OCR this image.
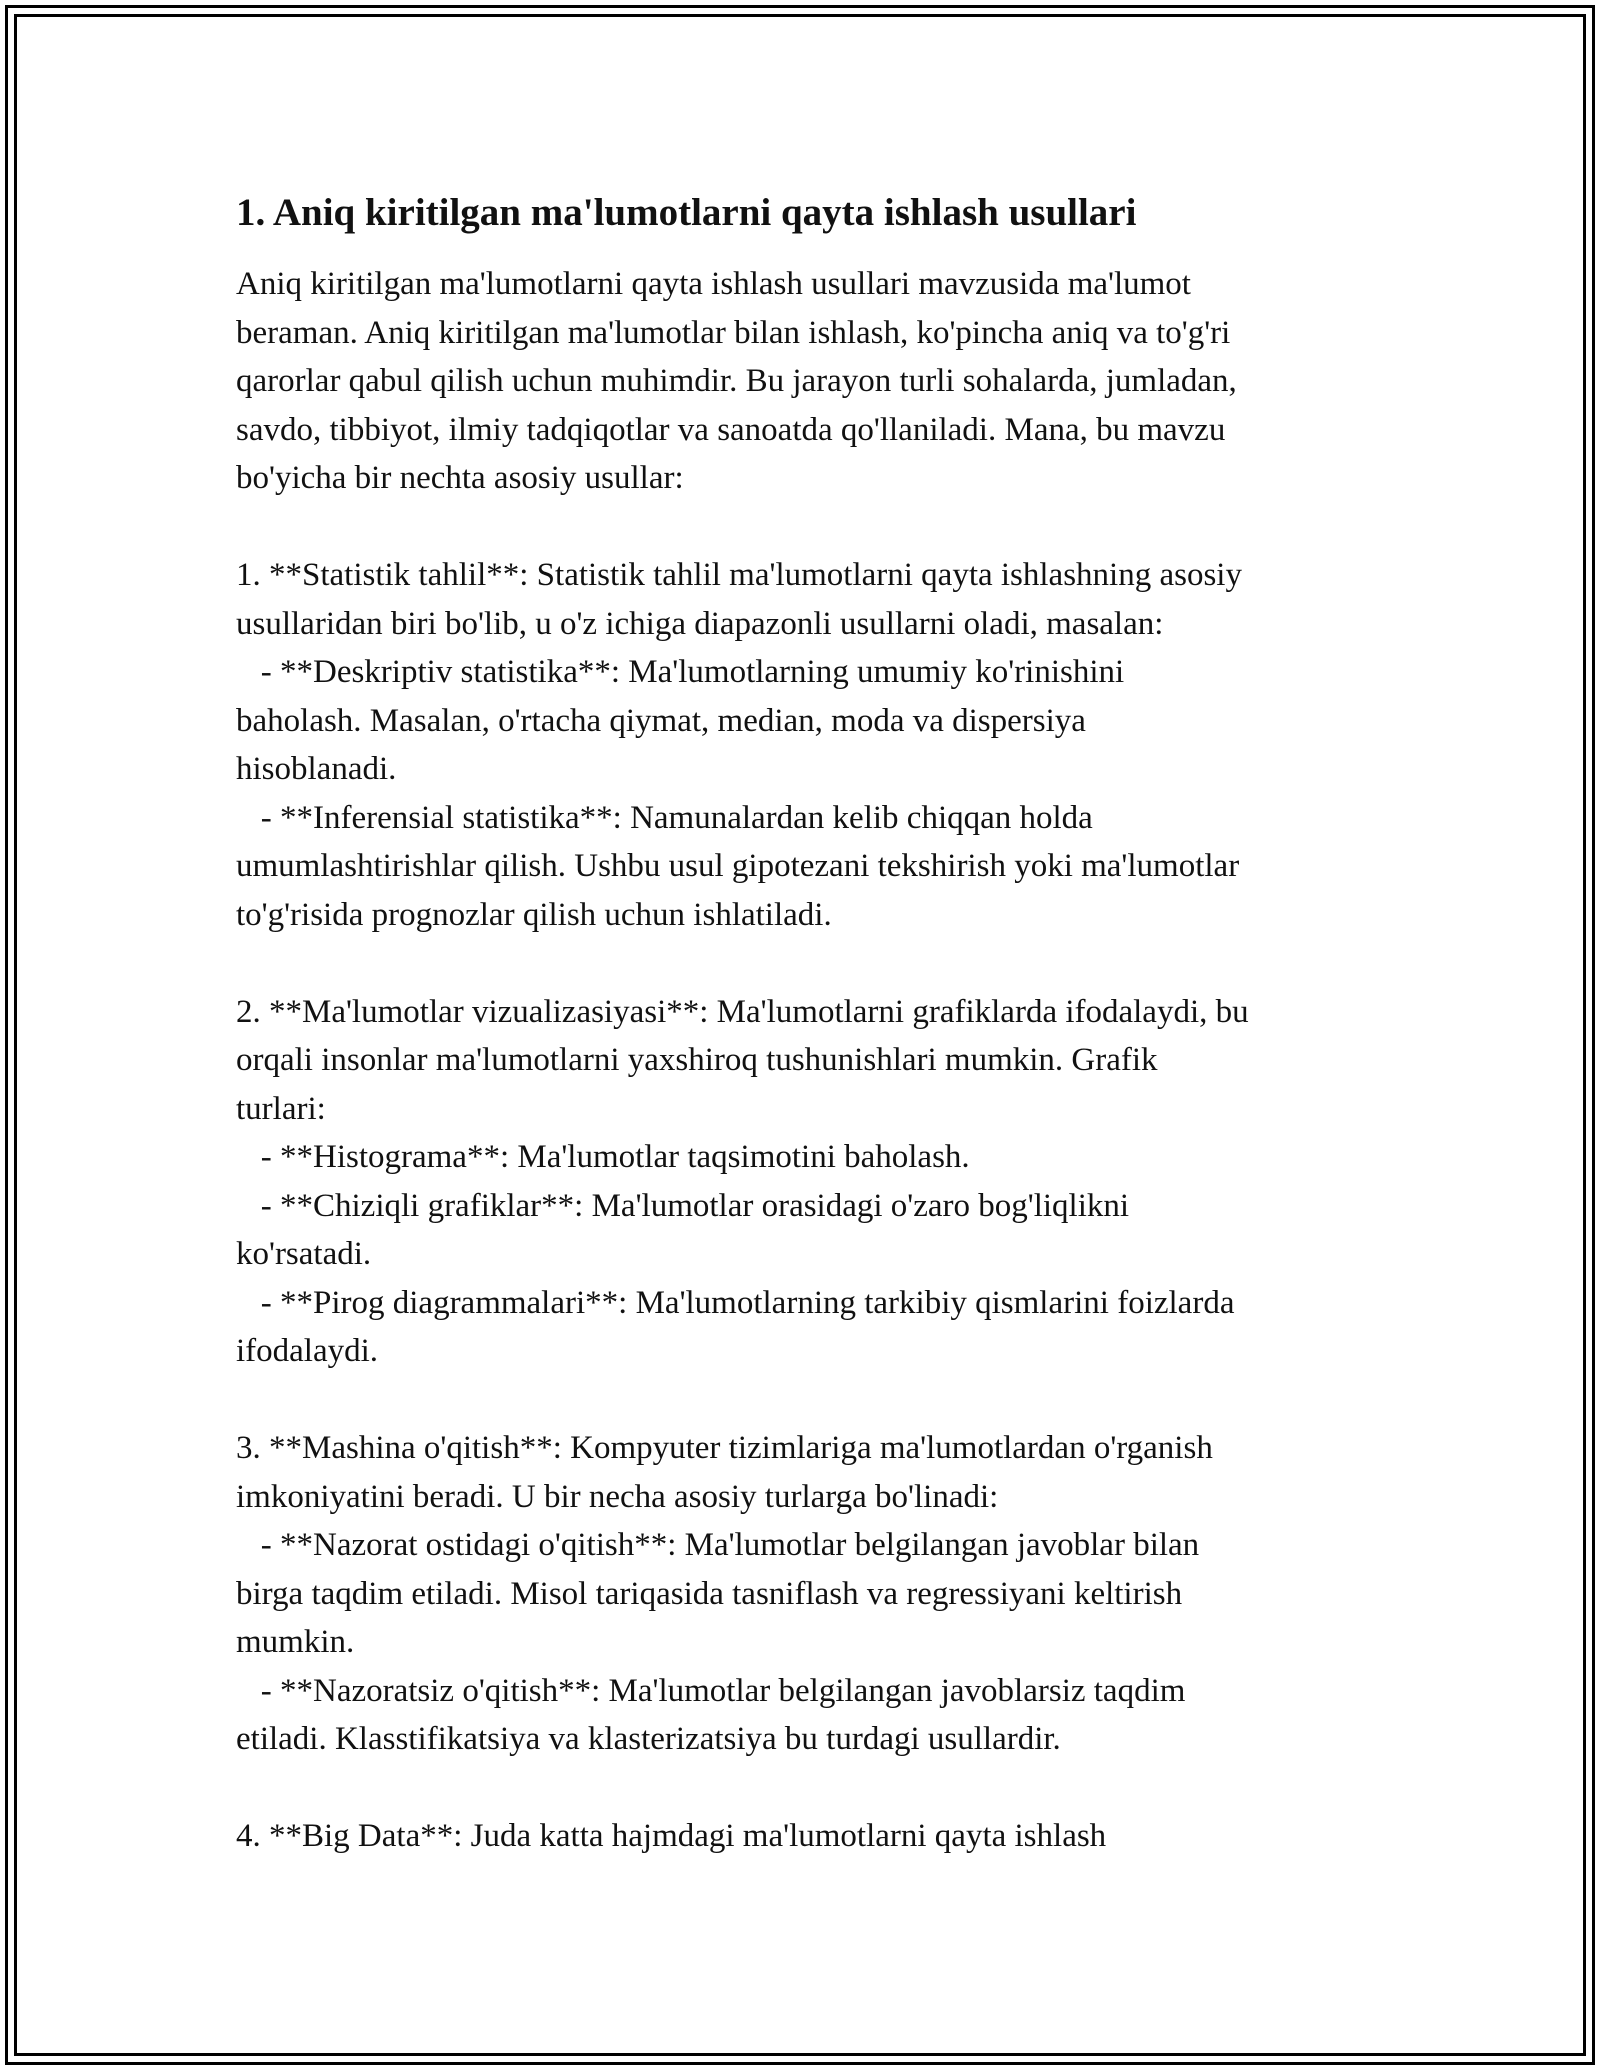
1. Aniq kiritilgan ma'lumotlarni qayta ishlash usullari

Aniq kiritilgan ma'lumotlarni qayta ishlash usullari mavzusida ma'lumot
beraman. Aniq kiritilgan ma'lumotlar bilan ishlash, ko'pincha aniq va to'g'ri
qarorlar qabul qilish uchun muhimdir. Bu jarayon turli sohalarda, jumladan,
savdo, tibbiyot, ilmiy tadqiqotlar va sanoatda qo'llaniladi. Mana, bu mavzu
bo'yicha bir nechta asosiy usullar:

1. **Statistik tahlil**: Statistik tahlil ma'lumotlarni qayta ishlashning asosiy
usullaridan biri bo'lib, u o'z ichiga diapazonli usullarni oladi, masalan:
- **Deskriptiv statistika**: Ma'lumotlarning umumiy ko'rinishini
baholash. Masalan, o'rtacha qiymat, median, moda va dispersiya
hisoblanadi.
- **Inferensial statistika**: Namunalardan kelib chiqqan holda
umumlashtirishlar qilish. Ushbu usul gipotezani tekshirish yoki ma'lumotlar
to'g'risida prognozlar qilish uchun ishlatiladi.

2. **Ma'lumotlar vizualizasiyasi**: Ma'lumotlarni grafiklarda ifodalaydi, bu
orqali insonlar ma'lumotlarni yaxshiroq tushunishlari mumkin. Grafik
turlari:
- **Histograma**: Ma'lumotlar taqsimotini baholash.
- **Chiziqli grafiklar**: Ma'lumotlar orasidagi o'zaro bog'liqlikni
ko'rsatadi.
- **Pirog diagrammalari**: Ma'lumotlarning tarkibiy qismlarini foizlarda
ifodalaydi.

3. **Mashina o'qitish**: Kompyuter tizimlariga ma'lumotlardan o'rganish
imkoniyatini beradi. U bir necha asosiy turlarga bo'linadi:
- **Nazorat ostidagi o'qitish**: Ma'lumotlar belgilangan javoblar bilan
birga taqdim etiladi. Misol tariqasida tasniflash va regressiyani keltirish
mumkin.
- **Nazoratsiz o'qitish**: Ma'lumotlar belgilangan javoblarsiz taqdim
etiladi. Klasstifikatsiya va klasterizatsiya bu turdagi usullardir.

4. **Big Data**: Juda katta hajmdagi ma'lumotlarni qayta ishlash
